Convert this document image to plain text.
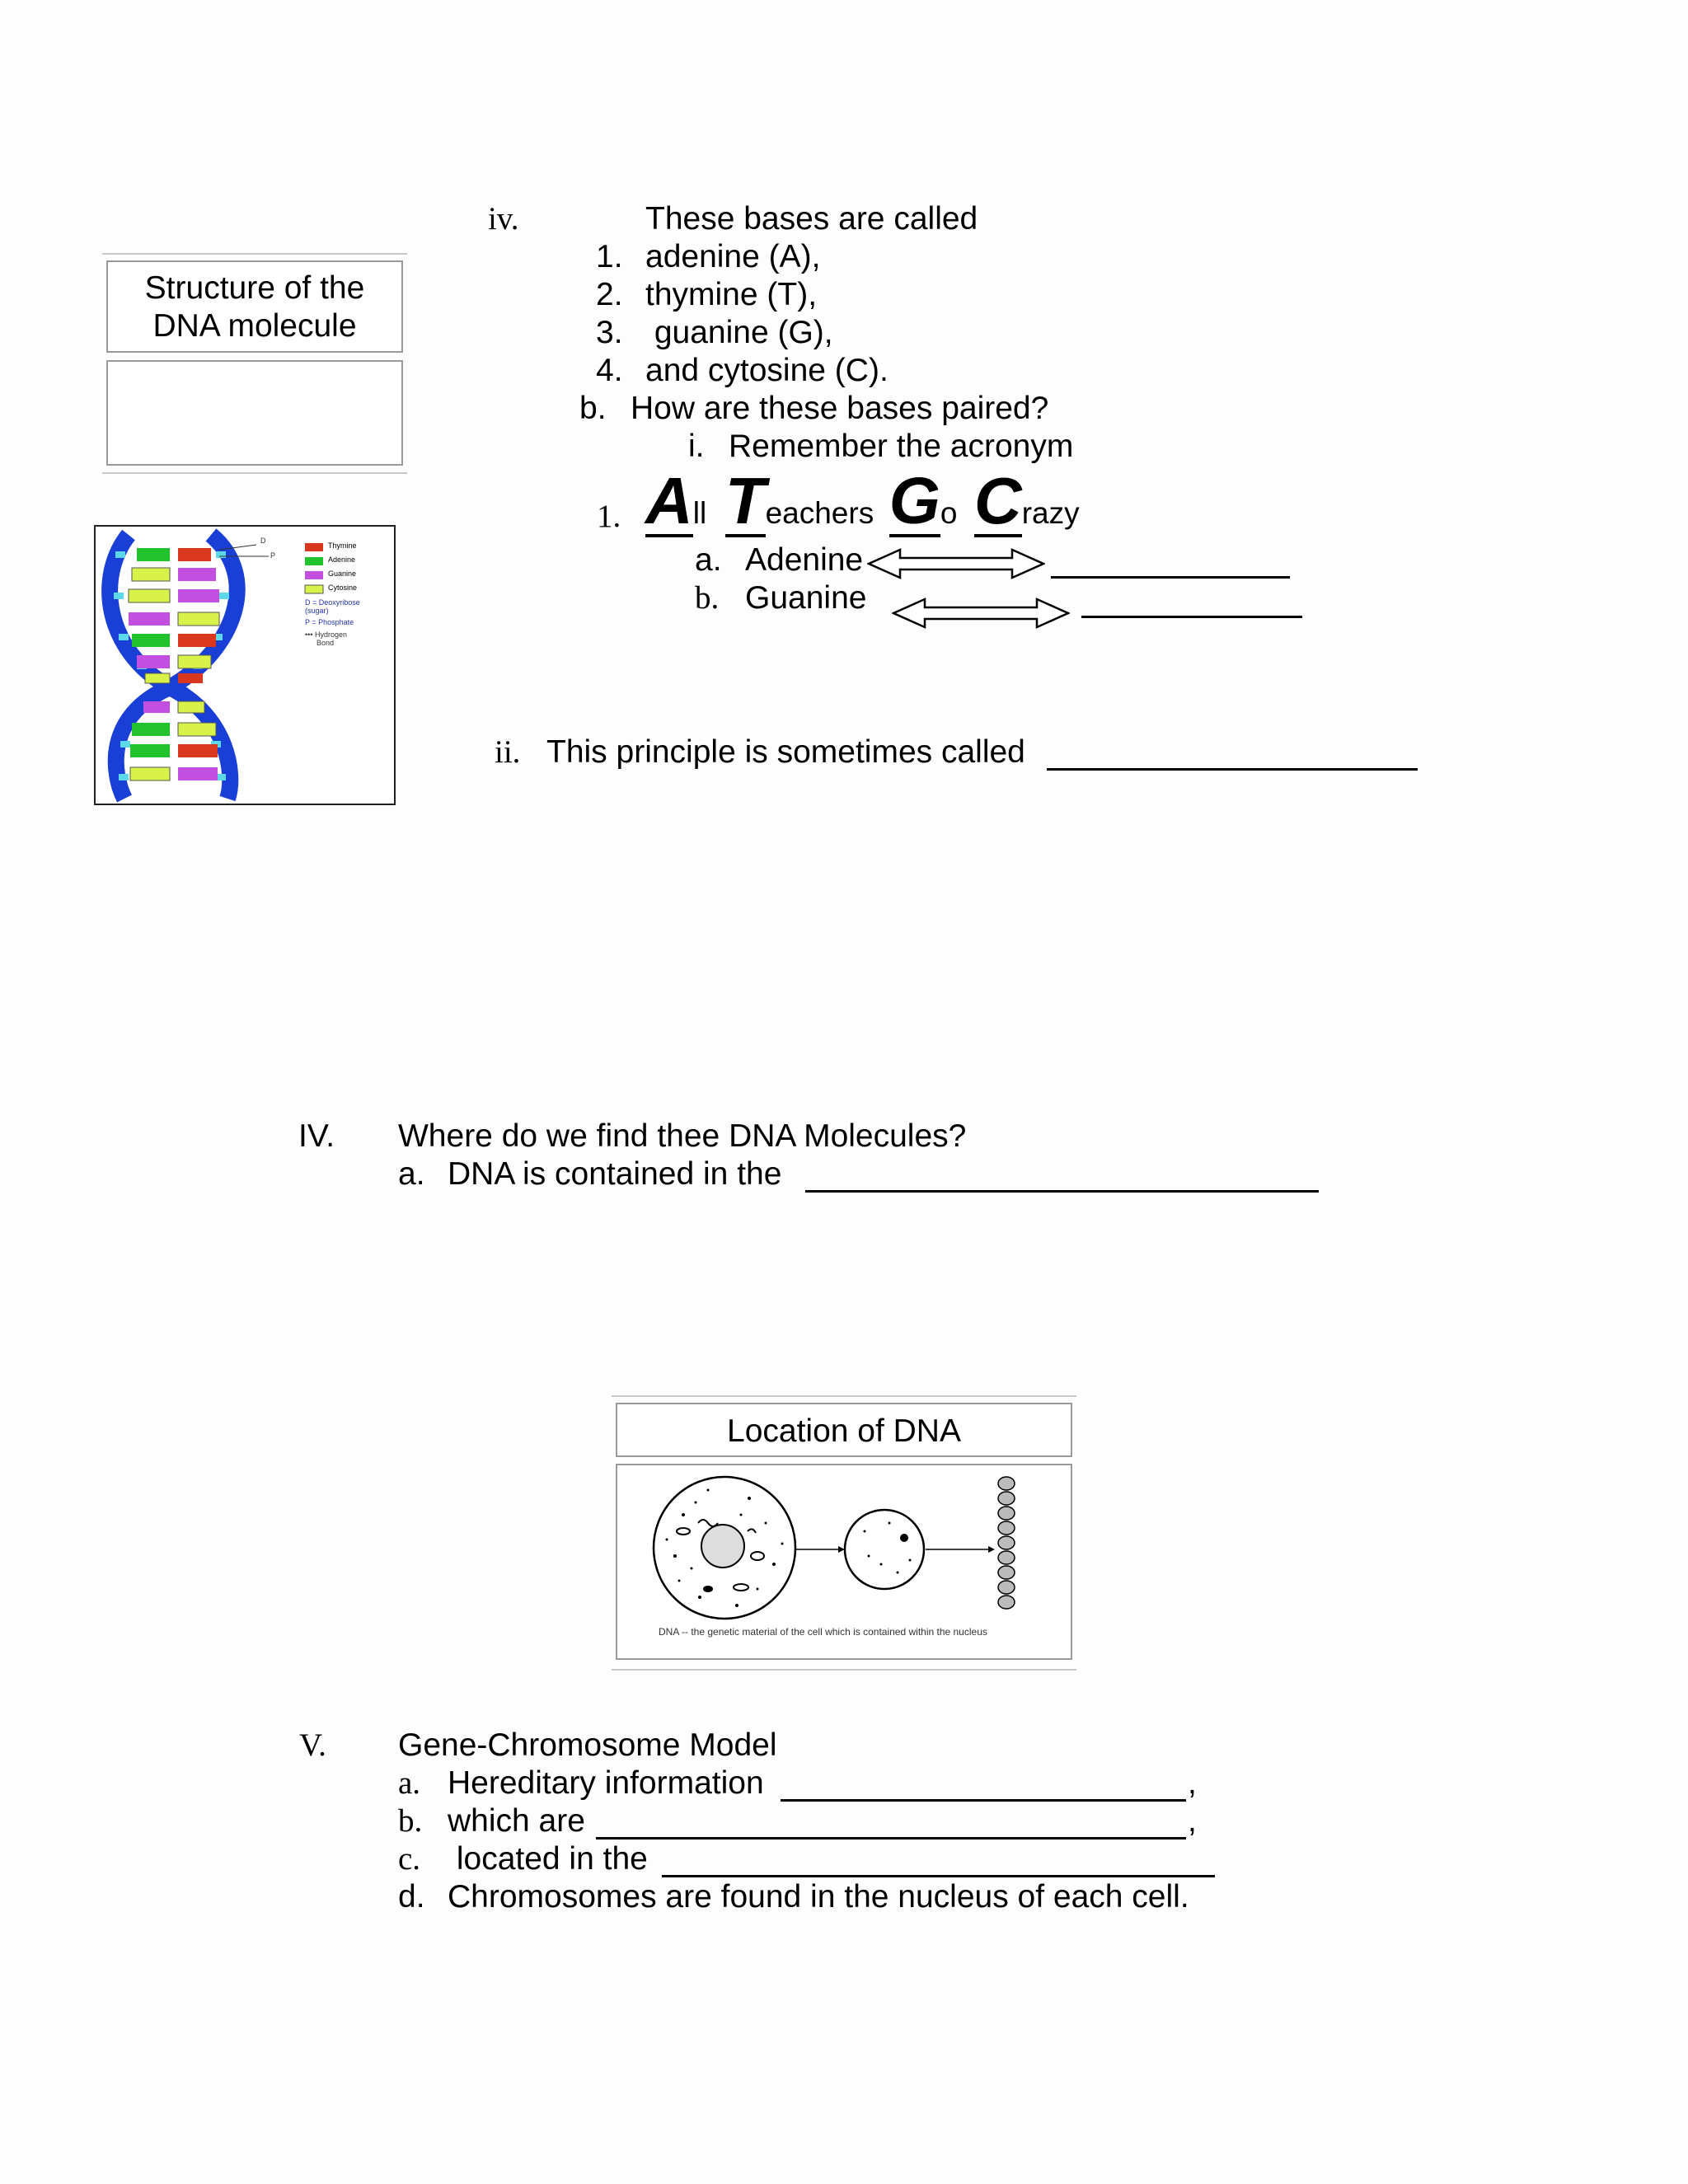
Structure of the
DNA molecule
D
P
Thymine
Adenine
Guanine
Cytosine
D = Deoxyribose
(sugar)
P = Phosphate
••• Hydrogen
Bond
iv.	These bases are called
1. adenine (A),
2. thymine (T),
3. guanine (G),
4. and cytosine (C).
b. How are these bases paired?
i. Remember the acronym
1. All Teachers Go Crazy
a. Adenine
b. Guanine
ii. This principle is sometimes called
IV. Where do we find thee DNA Molecules?
a. DNA is contained in the
Location of DNA
DNA -- the genetic material of the cell which is contained within the nucleus
V. Gene-Chromosome Model
a. Hereditary information	,
b. which are	,
c. located in the
d. Chromosomes are found in the nucleus of each cell.
